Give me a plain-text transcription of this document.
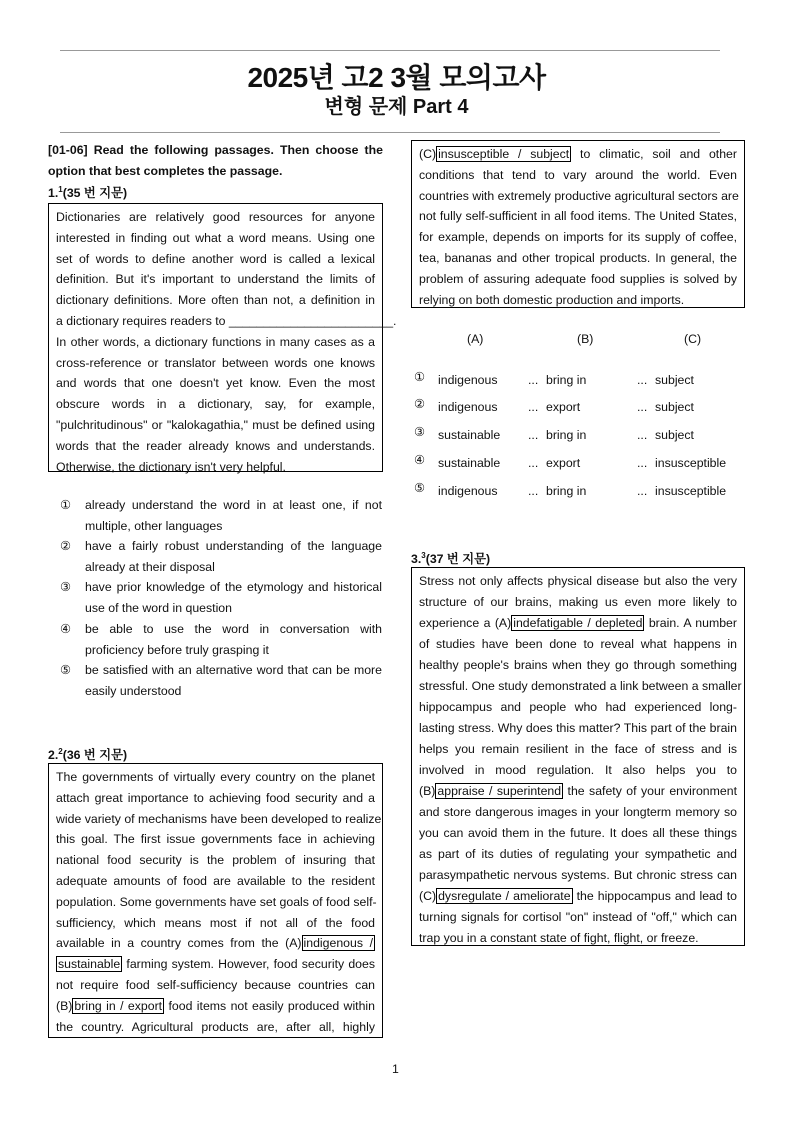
2025년 고2 3월 모의고사
변형 문제 Part 4
[01-06] Read the following passages. Then choose the
option that best completes the passage.
1.$^1$(35 번 지문)
Dictionaries are relatively good resources for anyone
interested in finding out what a word means. Using one
set of words to define another word is called a lexical
definition. But it's important to understand the limits of
dictionary definitions. More often than not, a definition in
a dictionary requires readers to ________________________.
In other words, a dictionary functions in many cases as a
cross-reference or translator between words one knows
and words that one doesn't yet know. Even the most
obscure words in a dictionary, say, for example,
"pulchritudinous" or "kalokagathia," must be defined using
words that the reader already knows and understands.
Otherwise, the dictionary isn't very helpful.
① already understand the word in at least one, if not multiple, other languages
② have a fairly robust understanding of the language already at their disposal
③ have prior knowledge of the etymology and historical use of the word in question
④ be able to use the word in conversation with proficiency before truly grasping it
⑤ be satisfied with an alternative word that can be more easily understood
2.$^2$(36 번 지문)
The governments of virtually every country on the planet
attach great importance to achieving food security and a
wide variety of mechanisms have been developed to realize
this goal. The first issue governments face in achieving
national food security is the problem of insuring that
adequate amounts of food are available to the resident
population. Some governments have set goals of food self-
sufficiency, which means most if not all of the food
available in a country comes from the (A) indigenous /
sustainable farming system. However, food security does
not require food self-sufficiency because countries can
(B) bring in / export food items not easily produced within
the country. Agricultural products are, after all, highly
(C) insusceptible / subject to climatic, soil and other
conditions that tend to vary around the world. Even
countries with extremely productive agricultural sectors are
not fully self-sufficient in all food items. The United States,
for example, depends on imports for its supply of coffee,
tea, bananas and other tropical products. In general, the
problem of assuring adequate food supplies is solved by
relying on both domestic production and imports.
(A)	(B)	(C)
① indigenous ... bring in	... subject
② indigenous ... export	... subject
③ sustainable ... bring in	... subject
④ sustainable ... export	... insusceptible
⑤ indigenous ... bring in	... insusceptible
3.$^3$(37 번 지문)
Stress not only affects physical disease but also the very
structure of our brains, making us even more likely to
experience a (A) indefatigable / depleted brain. A number
of studies have been done to reveal what happens in
healthy people's brains when they go through something
stressful. One study demonstrated a link between a smaller
hippocampus and people who had experienced long-
lasting stress. Why does this matter? This part of the brain
helps you remain resilient in the face of stress and is
involved in mood regulation. It also helps you to
(B) appraise / superintend the safety of your environment
and store dangerous images in your longterm memory so
you can avoid them in the future. It does all these things
as part of its duties of regulating your sympathetic and
parasympathetic nervous systems. But chronic stress can
(C) dysregulate / ameliorate the hippocampus and lead to
turning signals for cortisol "on" instead of "off," which can
trap you in a constant state of fight, flight, or freeze.
1
